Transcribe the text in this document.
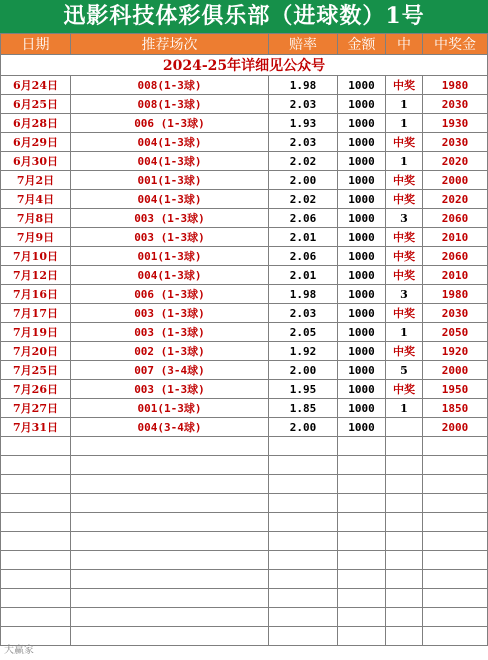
迅影科技体彩俱乐部（进球数）1号
日期	推荐场次	赔率	金额	中	中奖金
2024-25年详细见公众号					
6月24日	008(1-3球)	1.98	1000	中奖	1980
6月25日	008(1-3球)	2.03	1000	1	2030
6月28日	006 (1-3球)	1.93	1000	1	1930
6月29日	004(1-3球)	2.03	1000	中奖	2030
6月30日	004(1-3球)	2.02	1000	1	2020
7月2日	001(1-3球)	2.00	1000	中奖	2000
7月4日	004(1-3球)	2.02	1000	中奖	2020
7月8日	003 (1-3球)	2.06	1000	3	2060
7月9日	003 (1-3球)	2.01	1000	中奖	2010
7月10日	001(1-3球)	2.06	1000	中奖	2060
7月12日	004(1-3球)	2.01	1000	中奖	2010
7月16日	006 (1-3球)	1.98	1000	3	1980
7月17日	003 (1-3球)	2.03	1000	中奖	2030
7月19日	003 (1-3球)	2.05	1000	1	2050
7月20日	002 (1-3球)	1.92	1000	中奖	1920
7月25日	007 (3-4球)	2.00	1000	5	2000
7月26日	003 (1-3球)	1.95	1000	中奖	1950
7月27日	001(1-3球)	1.85	1000	1	1850
7月31日	004(3-4球)	2.00	1000		2000

大赢家
